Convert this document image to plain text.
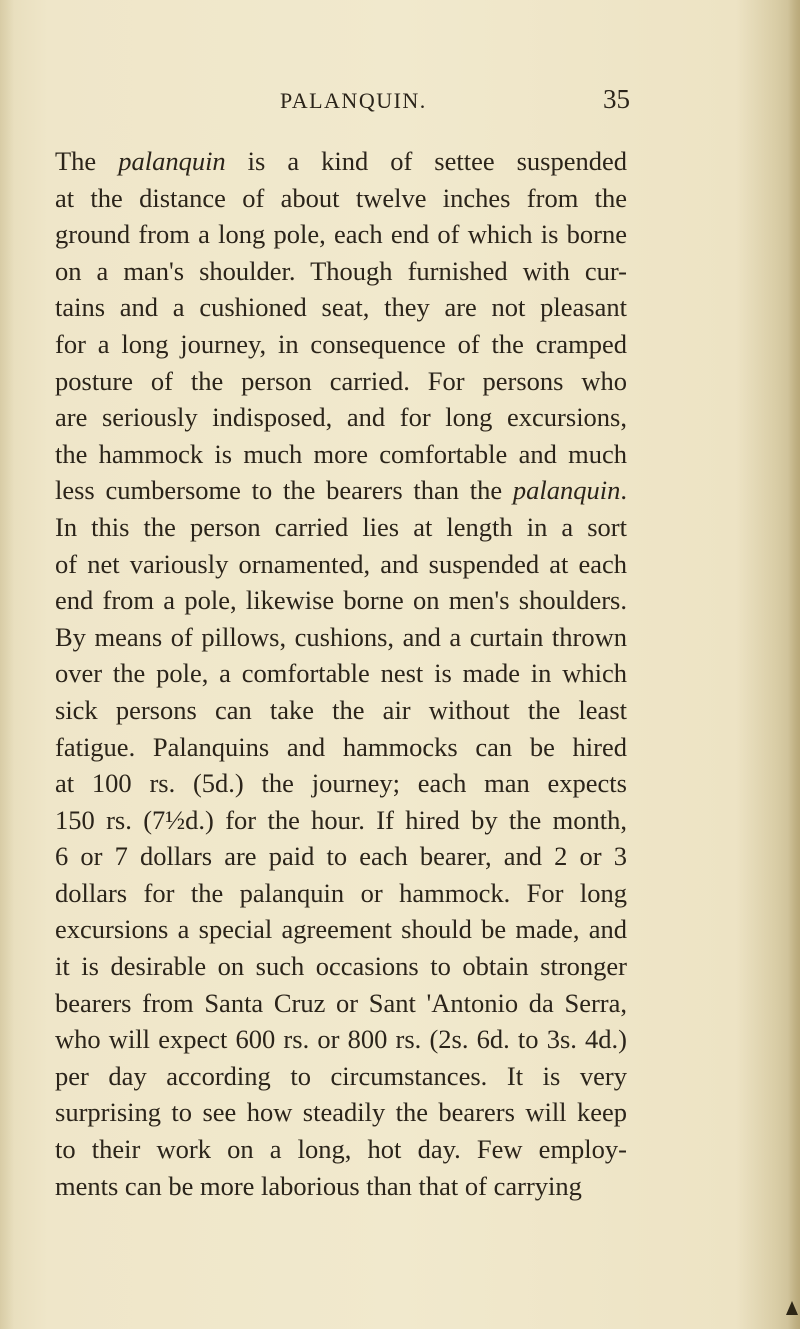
PALANQUIN.	35
The palanquin is a kind of settee suspended
at the distance of about twelve inches from the
ground from a long pole, each end of which is borne
on a man's shoulder. Though furnished with cur-
tains and a cushioned seat, they are not pleasant
for a long journey, in consequence of the cramped
posture of the person carried. For persons who
are seriously indisposed, and for long excursions,
the hammock is much more comfortable and much
less cumbersome to the bearers than the palanquin.
In this the person carried lies at length in a sort
of net variously ornamented, and suspended at each
end from a pole, likewise borne on men's shoulders.
By means of pillows, cushions, and a curtain thrown
over the pole, a comfortable nest is made in which
sick persons can take the air without the least
fatigue. Palanquins and hammocks can be hired
at 100 rs. (5d.) the journey; each man expects
150 rs. (7½d.) for the hour. If hired by the month,
6 or 7 dollars are paid to each bearer, and 2 or 3
dollars for the palanquin or hammock. For long
excursions a special agreement should be made, and
it is desirable on such occasions to obtain stronger
bearers from Santa Cruz or Sant 'Antonio da Serra,
who will expect 600 rs. or 800 rs. (2s. 6d. to 3s. 4d.)
per day according to circumstances. It is very
surprising to see how steadily the bearers will keep
to their work on a long, hot day. Few employ-
ments can be more laborious than that of carrying
